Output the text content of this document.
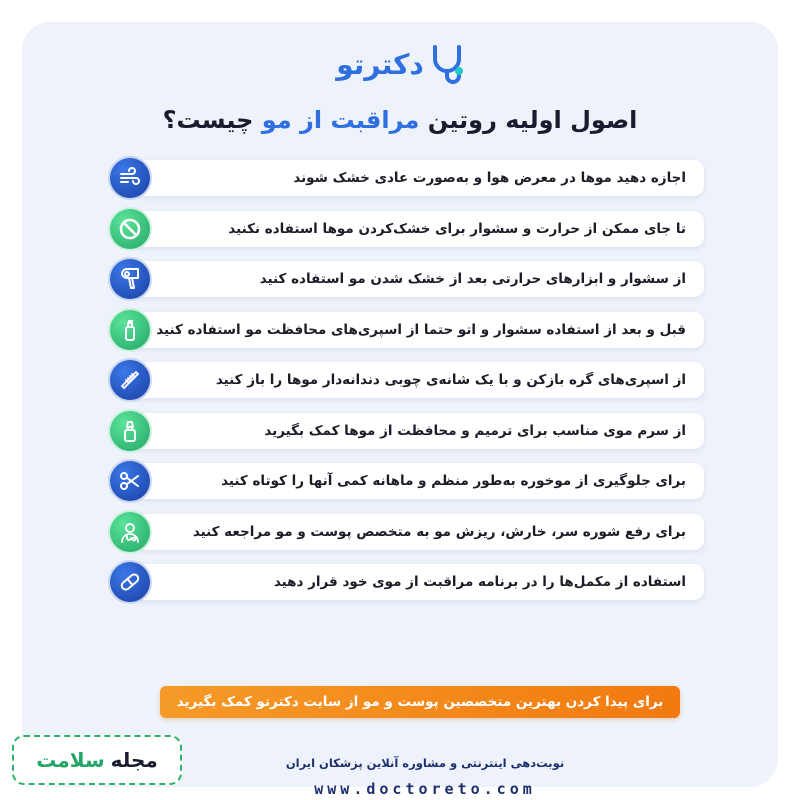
دکترتو
اصول اولیه روتین مراقبت از مو چیست؟
اجازه دهید موها در معرض هوا و به‌صورت عادی خشک شوند
تا جای ممکن از حرارت و سشوار برای خشک‌کردن موها استفاده نکنید
از سشوار و ابزارهای حرارتی بعد از خشک شدن مو استفاده کنید
قبل و بعد از استفاده سشوار و اتو حتما از اسپری‌های محافظت مو استفاده کنید
از اسپری‌های گره بازکن و با یک شانه‌ی چوبی دندانه‌دار موها را باز کنید
از سرم موی مناسب برای ترمیم و محافظت از موها کمک بگیرید
برای جلوگیری از موخوره به‌طور منظم و ماهانه کمی آنها را کوتاه کنید
برای رفع شوره سر، خارش، ریزش مو به متخصص پوست و مو مراجعه کنید
استفاده از مکمل‌ها را در برنامه مراقبت از موی خود قرار دهید
برای پیدا کردن بهترین متخصصین پوست و مو از سایت دکترتو کمک بگیرید
نوبت‌دهی اینترنتی و مشاوره آنلاین پزشکان ایران
www.doctoreto.com
مجله
سلامت
